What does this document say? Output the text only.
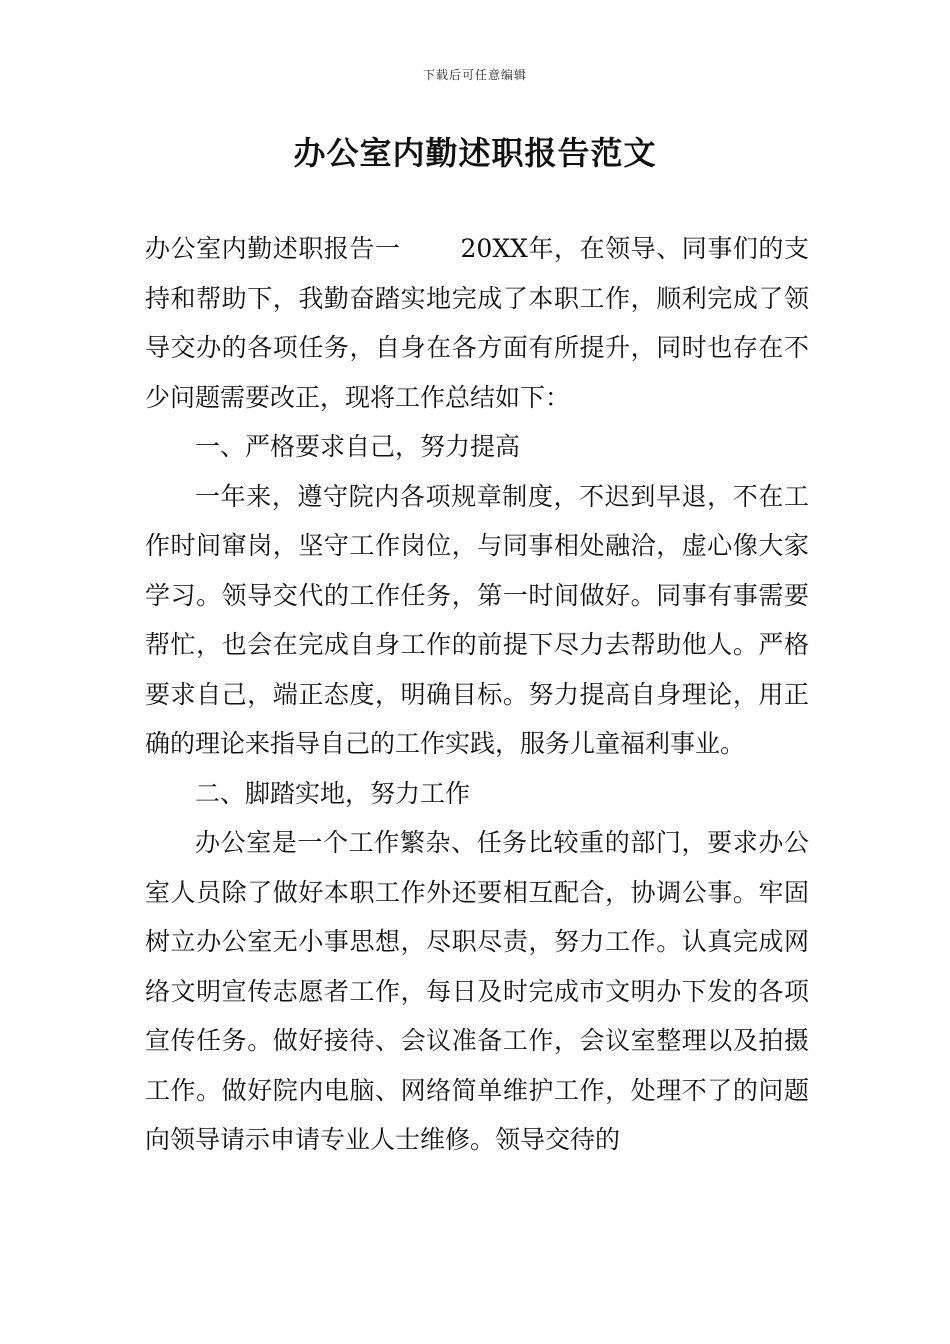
下载后可任意编辑
办公室内勤述职报告范文

办公室内勤述职报告一 20XX年，在领导、同事们的支持和帮助下，我勤奋踏实地完成了本职工作，顺利完成了领导交办的各项任务，自身在各方面有所提升，同时也存在不少问题需要改正，现将工作总结如下：

一、严格要求自己，努力提高

一年来，遵守院内各项规章制度，不迟到早退，不在工作时间窜岗，坚守工作岗位，与同事相处融洽，虚心像大家学习。领导交代的工作任务，第一时间做好。同事有事需要帮忙，也会在完成自身工作的前提下尽力去帮助他人。严格要求自己，端正态度，明确目标。努力提高自身理论，用正确的理论来指导自己的工作实践，服务儿童福利事业。

二、脚踏实地，努力工作

办公室是一个工作繁杂、任务比较重的部门，要求办公室人员除了做好本职工作外还要相互配合，协调公事。牢固树立办公室无小事思想，尽职尽责，努力工作。认真完成网络文明宣传志愿者工作，每日及时完成市文明办下发的各项宣传任务。做好接待、会议准备工作，会议室整理以及拍摄工作。做好院内电脑、网络简单维护工作，处理不了的问题向领导请示申请专业人士维修。领导交待的
